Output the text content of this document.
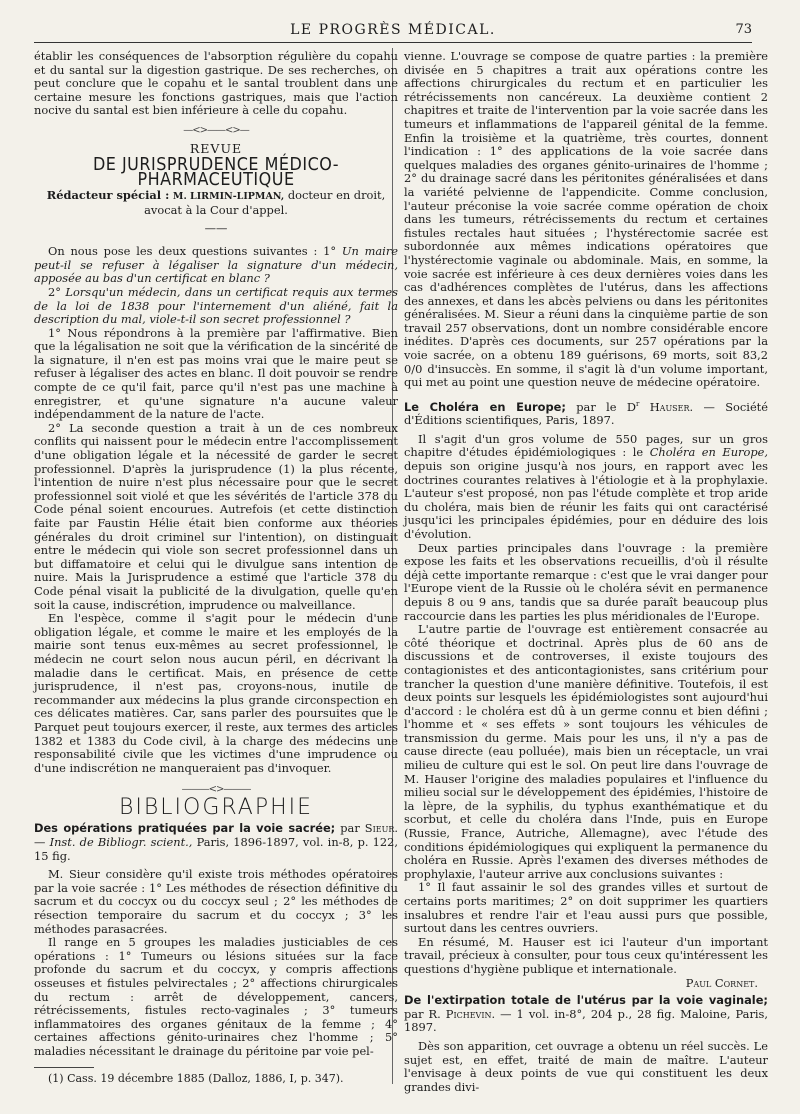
LE PROGRÈS MÉDICAL.	73

établir les conséquences de l'absorption régulière du copahu et du santal sur la digestion gastrique. De ses recherches, on peut conclure que le copahu et le santal troublent dans une certaine mesure les fonctions gastriques, mais que l'action nocive du santal est bien inférieure à celle du copahu.

—<>——<>—
REVUE
DE JURISPRUDENCE MÉDICO-PHARMACEUTIQUE
Rédacteur spécial : M. LIRMIN-LIPMAN, docteur en droit, avocat à la Cour d'appel.
——

On nous pose les deux questions suivantes : 1° Un maire peut-il se refuser à légaliser la signature d'un médecin, apposée au bas d'un certificat en blanc ?

2° Lorsqu'un médecin, dans un certificat requis aux termes de la loi de 1838 pour l'internement d'un aliéné, fait la description du mal, viole-t-il son secret professionnel ?

1° Nous répondrons à la première par l'affirmative. Bien que la légalisation ne soit que la vérification de la sincérité de la signature, il n'en est pas moins vrai que le maire peut se refuser à légaliser des actes en blanc. Il doit pouvoir se rendre compte de ce qu'il fait, parce qu'il n'est pas une machine à enregistrer, et qu'une signature n'a aucune valeur indépendamment de la nature de l'acte.

2° La seconde question a trait à un de ces nombreux conflits qui naissent pour le médecin entre l'accomplissement d'une obligation légale et la nécessité de garder le secret professionnel. D'après la jurisprudence (1) la plus récente, l'intention de nuire n'est plus nécessaire pour que le secret professionnel soit violé et que les sévérités de l'article 378 du Code pénal soient encourues. Autrefois (et cette distinction faite par Faustin Hélie était bien conforme aux théories générales du droit criminel sur l'intention), on distinguait entre le médecin qui viole son secret professionnel dans un but diffamatoire et celui qui le divulgue sans intention de nuire. Mais la Jurisprudence a estimé que l'article 378 du Code pénal visait la publicité de la divulgation, quelle qu'en soit la cause, indiscrétion, imprudence ou malveillance.

En l'espèce, comme il s'agit pour le médecin d'une obligation légale, et comme le maire et les employés de la mairie sont tenus eux-mêmes au secret professionnel, le médecin ne court selon nous aucun péril, en décrivant la maladie dans le certificat. Mais, en présence de cette jurisprudence, il n'est pas, croyons-nous, inutile de recommander aux médecins la plus grande circonspection en ces délicates matières. Car, sans parler des poursuites que le Parquet peut toujours exercer, il reste, aux termes des articles 1382 et 1383 du Code civil, à la charge des médecins une responsabilité civile que les victimes d'une imprudence ou d'une indiscrétion ne manqueraient pas d'invoquer.

———<>———
BIBLIOGRAPHIE

Des opérations pratiquées par la voie sacrée; par Sieur. — Inst. de Bibliogr. scient., Paris, 1896-1897, vol. in-8, p. 122, 15 fig.

M. Sieur considère qu'il existe trois méthodes opératoires par la voie sacrée : 1° Les méthodes de résection définitive du sacrum et du coccyx ou du coccyx seul ; 2° les méthodes de résection temporaire du sacrum et du coccyx ; 3° les méthodes parasacrées.

Il range en 5 groupes les maladies justiciables de ces opérations : 1° Tumeurs ou lésions situées sur la face profonde du sacrum et du coccyx, y compris affections osseuses et fistules pelvirectales ; 2° affections chirurgicales du rectum : arrêt de développement, cancers, rétrécissements, fistules recto-vaginales ; 3° tumeurs inflammatoires des organes génitaux de la femme ; 4° certaines affections génito-urinaires chez l'homme ; 5° maladies nécessitant le drainage du péritoine par voie pel-

(1) Cass. 19 décembre 1885 (Dalloz, 1886, I, p. 347).

vienne. L'ouvrage se compose de quatre parties : la première divisée en 5 chapitres a trait aux opérations contre les affections chirurgicales du rectum et en particulier les rétrécissements non cancéreux. La deuxième contient 2 chapitres et traite de l'intervention par la voie sacrée dans les tumeurs et inflammations de l'appareil génital de la femme. Enfin la troisième et la quatrième, très courtes, donnent l'indication : 1° des applications de la voie sacrée dans quelques maladies des organes génito-urinaires de l'homme ; 2° du drainage sacré dans les péritonites généralisées et dans la variété pelvienne de l'appendicite. Comme conclusion, l'auteur préconise la voie sacrée comme opération de choix dans les tumeurs, rétrécissements du rectum et certaines fistules rectales haut situées ; l'hystérectomie sacrée est subordonnée aux mêmes indications opératoires que l'hystérectomie vaginale ou abdominale. Mais, en somme, la voie sacrée est inférieure à ces deux dernières voies dans les cas d'adhérences complètes de l'utérus, dans les affections des annexes, et dans les abcès pelviens ou dans les péritonites généralisées. M. Sieur a réuni dans la cinquième partie de son travail 257 observations, dont un nombre considérable encore inédites. D'après ces documents, sur 257 opérations par la voie sacrée, on a obtenu 189 guérisons, 69 morts, soit 83,2 0/0 d'insuccès. En somme, il s'agit là d'un volume important, qui met au point une question neuve de médecine opératoire.

Le Choléra en Europe; par le $D^r$ Hauser. — Société d'Éditions scientifiques, Paris, 1897.

Il s'agit d'un gros volume de 550 pages, sur un gros chapitre d'études épidémiologiques : le Choléra en Europe, depuis son origine jusqu'à nos jours, en rapport avec les doctrines courantes relatives à l'étiologie et à la prophylaxie. L'auteur s'est proposé, non pas l'étude complète et trop aride du choléra, mais bien de réunir les faits qui ont caractérisé jusqu'ici les principales épidémies, pour en déduire des lois d'évolution.

Deux parties principales dans l'ouvrage : la première expose les faits et les observations recueillis, d'où il résulte déjà cette importante remarque : c'est que le vrai danger pour l'Europe vient de la Russie où le choléra sévit en permanence depuis 8 ou 9 ans, tandis que sa durée paraît beaucoup plus raccourcie dans les parties les plus méridionales de l'Europe.

L'autre partie de l'ouvrage est entièrement consacrée au côté théorique et doctrinal. Après plus de 60 ans de discussions et de controverses, il existe toujours des contagionistes et des anticontagionistes, sans critérium pour trancher la question d'une manière définitive. Toutefois, il est deux points sur lesquels les épidémiologistes sont aujourd'hui d'accord : le choléra est dû à un germe connu et bien défini ; l'homme et « ses effets » sont toujours les véhicules de transmission du germe. Mais pour les uns, il n'y a pas de cause directe (eau polluée), mais bien un réceptacle, un vrai milieu de culture qui est le sol. On peut lire dans l'ouvrage de M. Hauser l'origine des maladies populaires et l'influence du milieu social sur le développement des épidémies, l'histoire de la lèpre, de la syphilis, du typhus exanthématique et du scorbut, et celle du choléra dans l'Inde, puis en Europe (Russie, France, Autriche, Allemagne), avec l'étude des conditions épidémiologiques qui expliquent la permanence du choléra en Russie. Après l'examen des diverses méthodes de prophylaxie, l'auteur arrive aux conclusions suivantes :

1° Il faut assainir le sol des grandes villes et surtout de certains ports maritimes; 2° on doit supprimer les quartiers insalubres et rendre l'air et l'eau aussi purs que possible, surtout dans les centres ouvriers.

En résumé, M. Hauser est ici l'auteur d'un important travail, précieux à consulter, pour tous ceux qu'intéressent les questions d'hygiène publique et internationale.

Paul Cornet.

De l'extirpation totale de l'utérus par la voie vaginale; par R. Pichevin. — 1 vol. in-8°, 204 p., 28 fig. Maloine, Paris, 1897.

Dès son apparition, cet ouvrage a obtenu un réel succès. Le sujet est, en effet, traité de main de maître. L'auteur l'envisage à deux points de vue qui constituent les deux grandes divi-
